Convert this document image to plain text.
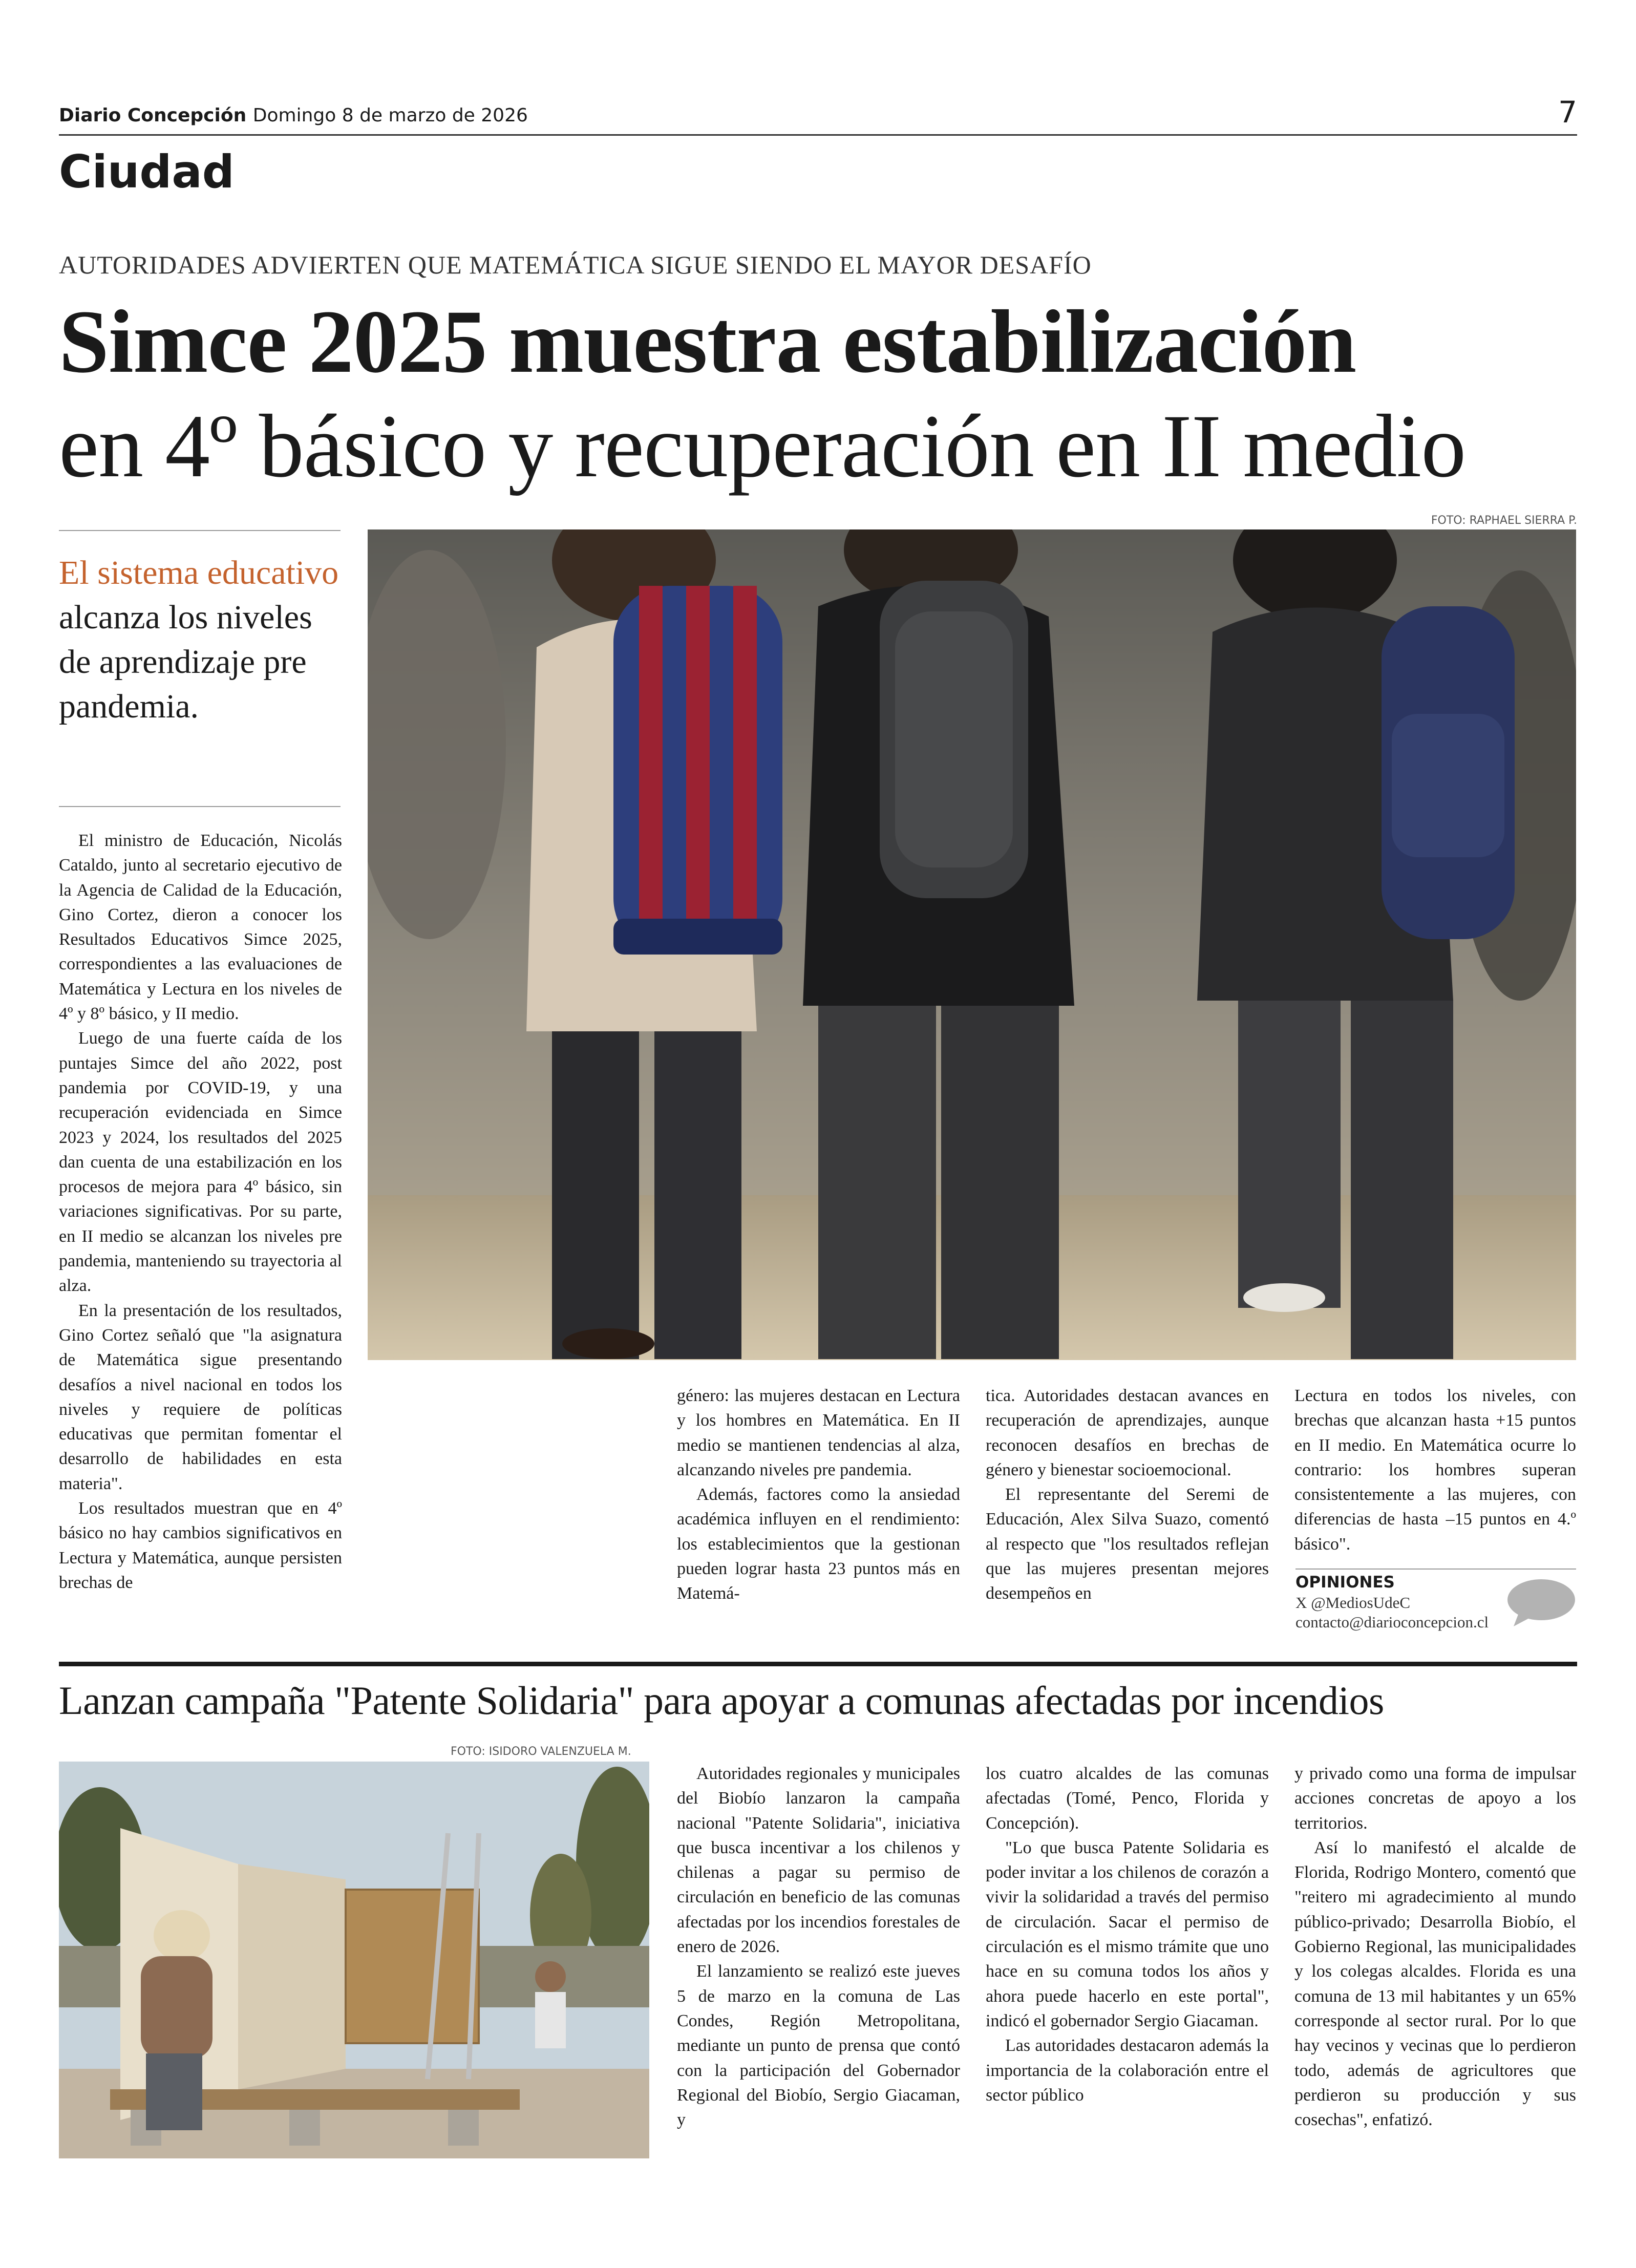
Diario Concepción Domingo 8 de marzo de 2026	7
Ciudad
AUTORIDADES ADVIERTEN QUE MATEMÁTICA SIGUE SIENDO EL MAYOR DESAFÍO
Simce 2025 muestra estabilización
en 4º básico y recuperación en II medio
El sistema educativo alcanza los niveles de aprendizaje pre pandemia.
FOTO: RAPHAEL SIERRA P.

El ministro de Educación, Nicolás Cataldo, junto al secretario ejecutivo de la Agencia de Calidad de la Educación, Gino Cortez, dieron a conocer los Resultados Educativos Simce 2025, correspondientes a las evaluaciones de Matemática y Lectura en los niveles de 4º y 8º básico, y II medio.

Luego de una fuerte caída de los puntajes Simce del año 2022, post pandemia por COVID-19, y una recuperación evidenciada en Simce 2023 y 2024, los resultados del 2025 dan cuenta de una estabilización en los procesos de mejora para 4º básico, sin variaciones significativas. Por su parte, en II medio se alcanzan los niveles pre pandemia, manteniendo su trayectoria al alza.

En la presentación de los resultados, Gino Cortez señaló que "la asignatura de Matemática sigue presentando desafíos a nivel nacional en todos los niveles y requiere de políticas educativas que permitan fomentar el desarrollo de habilidades en esta materia".

Los resultados muestran que en 4º básico no hay cambios significativos en Lectura y Matemática, aunque persisten brechas de

género: las mujeres destacan en Lectura y los hombres en Matemática. En II medio se mantienen tendencias al alza, alcanzando niveles pre pandemia.

Además, factores como la ansiedad académica influyen en el rendimiento: los establecimientos que la gestionan pueden lograr hasta 23 puntos más en Matemá-

tica. Autoridades destacan avances en recuperación de aprendizajes, aunque reconocen desafíos en brechas de género y bienestar socioemocional.

El representante del Seremi de Educación, Alex Silva Suazo, comentó al respecto que "los resultados reflejan que las mujeres presentan mejores desempeños en

Lectura en todos los niveles, con brechas que alcanzan hasta +15 puntos en II medio. En Matemática ocurre lo contrario: los hombres superan consistentemente a las mujeres, con diferencias de hasta –15 puntos en 4.º básico".

OPINIONES
X @MediosUdeC
contacto@diarioconcepcion.cl
Lanzan campaña "Patente Solidaria" para apoyar a comunas afectadas por incendios
FOTO: ISIDORO VALENZUELA M.

Autoridades regionales y municipales del Biobío lanzaron la campaña nacional "Patente Solidaria", iniciativa que busca incentivar a los chilenos y chilenas a pagar su permiso de circulación en beneficio de las comunas afectadas por los incendios forestales de enero de 2026.

El lanzamiento se realizó este jueves 5 de marzo en la comuna de Las Condes, Región Metropolitana, mediante un punto de prensa que contó con la participación del Gobernador Regional del Biobío, Sergio Giacaman, y

los cuatro alcaldes de las comunas afectadas (Tomé, Penco, Florida y Concepción).

"Lo que busca Patente Solidaria es poder invitar a los chilenos de corazón a vivir la solidaridad a través del permiso de circulación. Sacar el permiso de circulación es el mismo trámite que uno hace en su comuna todos los años y ahora puede hacerlo en este portal", indicó el gobernador Sergio Giacaman.

Las autoridades destacaron además la importancia de la colaboración entre el sector público

y privado como una forma de impulsar acciones concretas de apoyo a los territorios.

Así lo manifestó el alcalde de Florida, Rodrigo Montero, comentó que "reitero mi agradecimiento al mundo público-privado; Desarrolla Biobío, el Gobierno Regional, las municipalidades y los colegas alcaldes. Florida es una comuna de 13 mil habitantes y un 65% corresponde al sector rural. Por lo que hay vecinos y vecinas que lo perdieron todo, además de agricultores que perdieron su producción y sus cosechas", enfatizó.
